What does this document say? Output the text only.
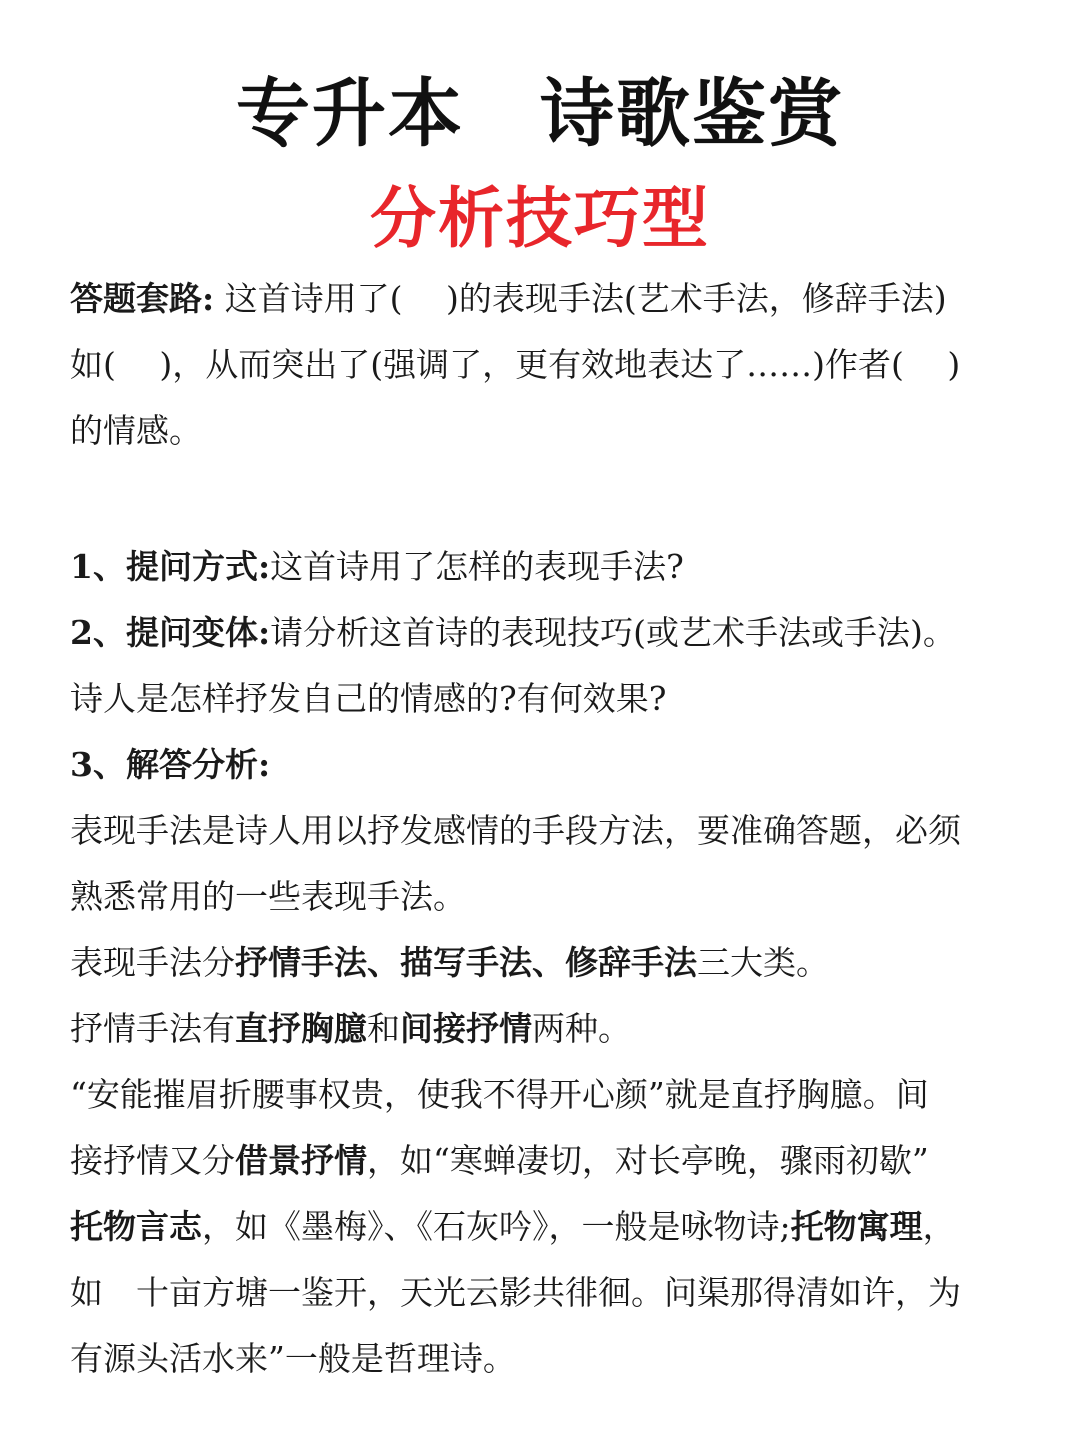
专升本　诗歌鉴赏
分析技巧型

答题套路: 这首诗用了(　 )的表现手法(艺术手法，修辞手法)

如(　 )，从而突出了(强调了，更有效地表达了……)作者(　 )

的情感。

1、提问方式:这首诗用了怎样的表现手法?

2、提问变体:请分析这首诗的表现技巧(或艺术手法或手法)。

诗人是怎样抒发自己的情感的?有何效果?

3、解答分析:

表现手法是诗人用以抒发感情的手段方法，要准确答题，必须

熟悉常用的一些表现手法。

表现手法分抒情手法、描写手法、修辞手法三大类。

抒情手法有直抒胸臆和间接抒情两种。

“安能摧眉折腰事权贵，使我不得开心颜”就是直抒胸臆。间

接抒情又分借景抒情，如“寒蝉凄切，对长亭晚，骤雨初歇”

托物言志，如《墨梅》、《石灰吟》，一般是咏物诗;托物寓理，

如　十亩方塘一鉴开，天光云影共徘徊。问渠那得清如许，为

有源头活水来”一般是哲理诗。
